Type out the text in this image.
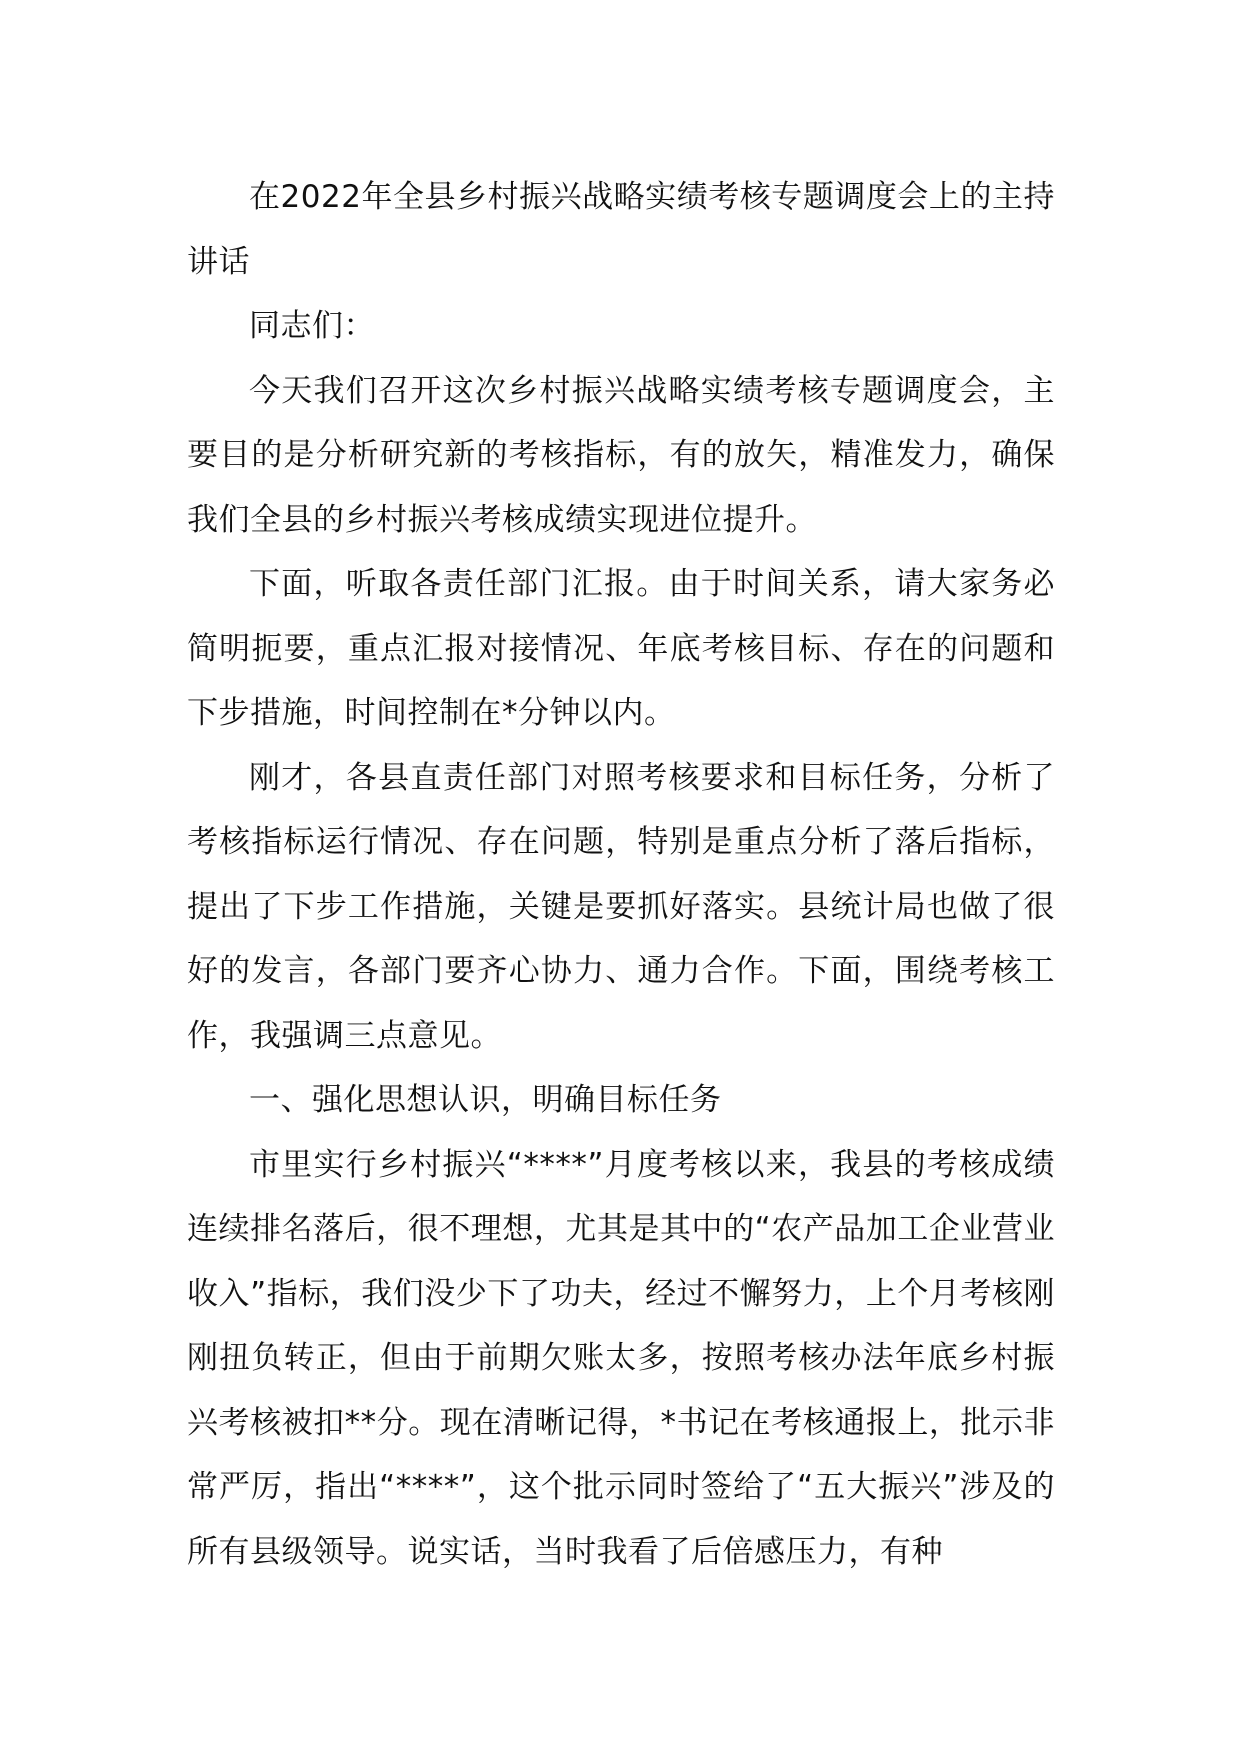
在2022年全县乡村振兴战略实绩考核专题调度会上的主持讲话

同志们：

今天我们召开这次乡村振兴战略实绩考核专题调度会，主要目的是分析研究新的考核指标，有的放矢，精准发力，确保我们全县的乡村振兴考核成绩实现进位提升。

下面，听取各责任部门汇报。由于时间关系，请大家务必简明扼要，重点汇报对接情况、年底考核目标、存在的问题和下步措施，时间控制在*分钟以内。

刚才，各县直责任部门对照考核要求和目标任务，分析了考核指标运行情况、存在问题，特别是重点分析了落后指标，提出了下步工作措施，关键是要抓好落实。县统计局也做了很好的发言，各部门要齐心协力、通力合作。下面，围绕考核工作，我强调三点意见。

一、强化思想认识，明确目标任务

市里实行乡村振兴“****”月度考核以来，我县的考核成绩连续排名落后，很不理想，尤其是其中的“农产品加工企业营业收入”指标，我们没少下了功夫，经过不懈努力，上个月考核刚刚扭负转正，但由于前期欠账太多，按照考核办法年底乡村振兴考核被扣**分。现在清晰记得，*书记在考核通报上，批示非常严厉，指出“****”，这个批示同时签给了“五大振兴”涉及的所有县级领导。说实话，当时我看了后倍感压力，有种
